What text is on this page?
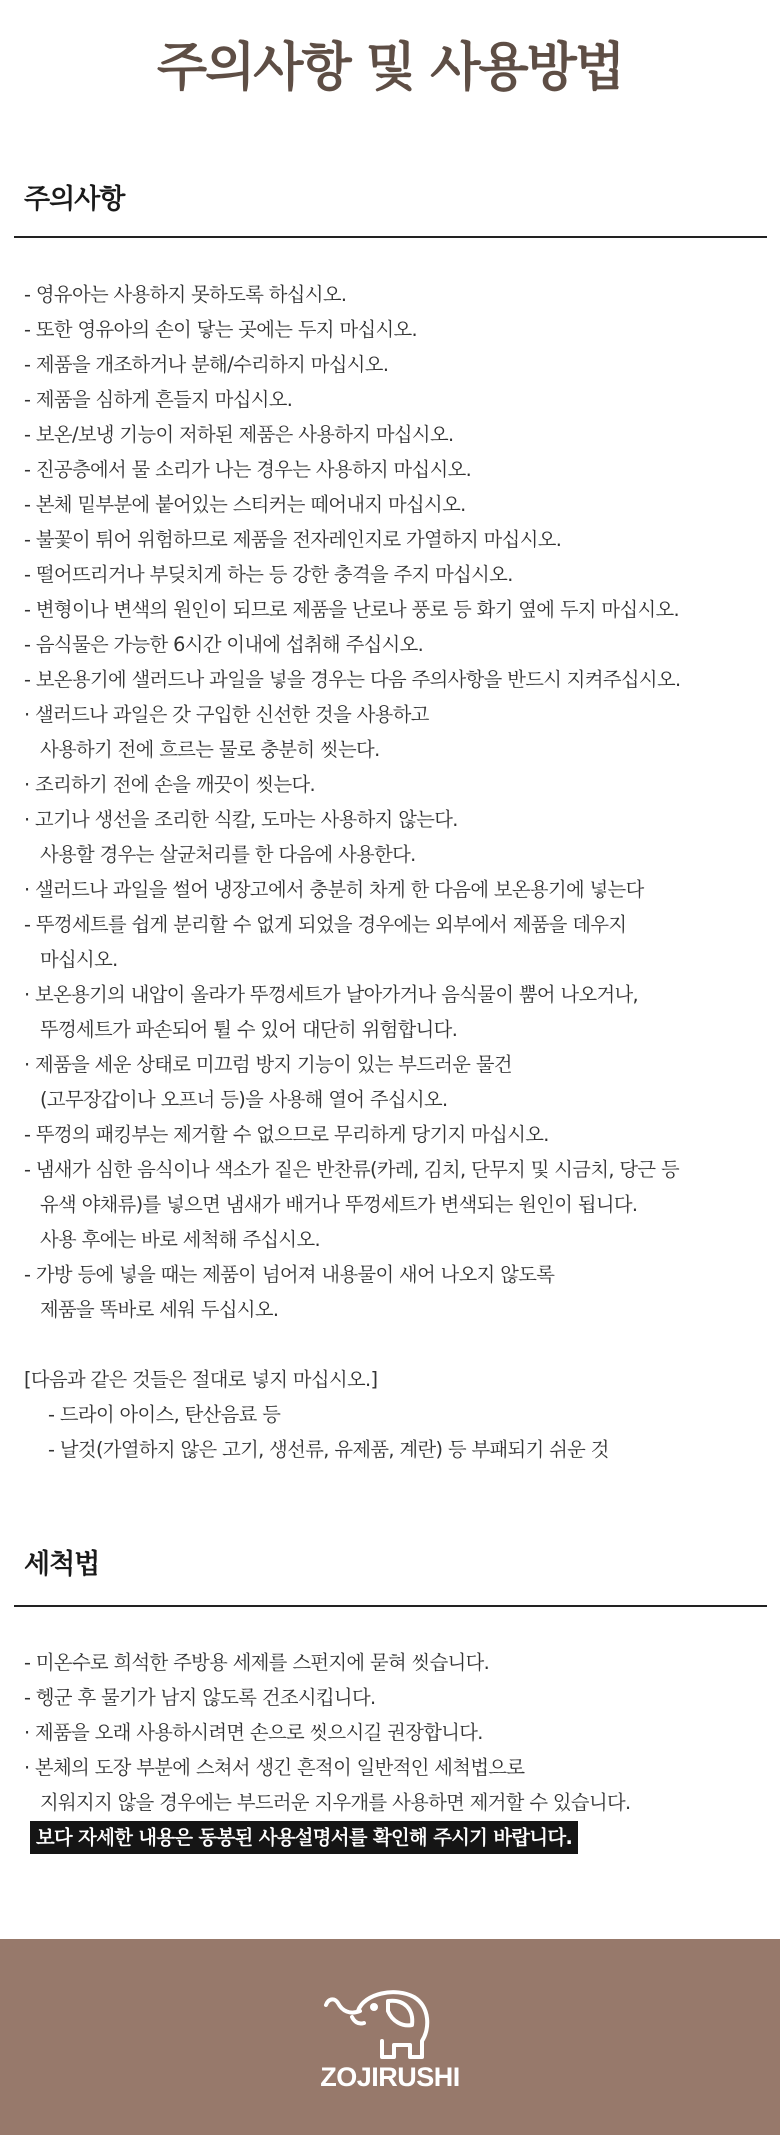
주의사항 및 사용방법
주의사항
- 영유아는 사용하지 못하도록 하십시오.
- 또한 영유아의 손이 닿는 곳에는 두지 마십시오.
- 제품을 개조하거나 분해/수리하지 마십시오.
- 제품을 심하게 흔들지 마십시오.
- 보온/보냉 기능이 저하된 제품은 사용하지 마십시오.
- 진공층에서 물 소리가 나는 경우는 사용하지 마십시오.
- 본체 밑부분에 붙어있는 스티커는 떼어내지 마십시오.
- 불꽃이 튀어 위험하므로 제품을 전자레인지로 가열하지 마십시오.
- 떨어뜨리거나 부딪치게 하는 등 강한 충격을 주지 마십시오.
- 변형이나 변색의 원인이 되므로 제품을 난로나 풍로 등 화기 옆에 두지 마십시오.
- 음식물은 가능한 6시간 이내에 섭취해 주십시오.
- 보온용기에 샐러드나 과일을 넣을 경우는 다음 주의사항을 반드시 지켜주십시오.
· 샐러드나 과일은 갓 구입한 신선한 것을 사용하고
사용하기 전에 흐르는 물로 충분히 씻는다.
· 조리하기 전에 손을 깨끗이 씻는다.
· 고기나 생선을 조리한 식칼, 도마는 사용하지 않는다.
사용할 경우는 살균처리를 한 다음에 사용한다.
· 샐러드나 과일을 썰어 냉장고에서 충분히 차게 한 다음에 보온용기에 넣는다
- 뚜껑세트를 쉽게 분리할 수 없게 되었을 경우에는 외부에서 제품을 데우지
마십시오.
· 보온용기의 내압이 올라가 뚜껑세트가 날아가거나 음식물이 뿜어 나오거나,
뚜껑세트가 파손되어 튈 수 있어 대단히 위험합니다.
· 제품을 세운 상태로 미끄럼 방지 기능이 있는 부드러운 물건
(고무장갑이나 오프너 등)을 사용해 열어 주십시오.
- 뚜껑의 패킹부는 제거할 수 없으므로 무리하게 당기지 마십시오.
- 냄새가 심한 음식이나 색소가 짙은 반찬류(카레, 김치, 단무지 및 시금치, 당근 등
유색 야채류)를 넣으면 냄새가 배거나 뚜껑세트가 변색되는 원인이 됩니다.
사용 후에는 바로 세척해 주십시오.
- 가방 등에 넣을 때는 제품이 넘어져 내용물이 새어 나오지 않도록
제품을 똑바로 세워 두십시오.
[다음과 같은 것들은 절대로 넣지 마십시오.]
- 드라이 아이스, 탄산음료 등
- 날것(가열하지 않은 고기, 생선류, 유제품, 계란) 등 부패되기 쉬운 것
세척법
- 미온수로 희석한 주방용 세제를 스펀지에 묻혀 씻습니다.
- 헹군 후 물기가 남지 않도록 건조시킵니다.
· 제품을 오래 사용하시려면 손으로 씻으시길 권장합니다.
· 본체의 도장 부분에 스쳐서 생긴 흔적이 일반적인 세척법으로
지워지지 않을 경우에는 부드러운 지우개를 사용하면 제거할 수 있습니다.
보다 자세한 내용은 동봉된 사용설명서를 확인해 주시기 바랍니다.
ZOJIRUSHI
